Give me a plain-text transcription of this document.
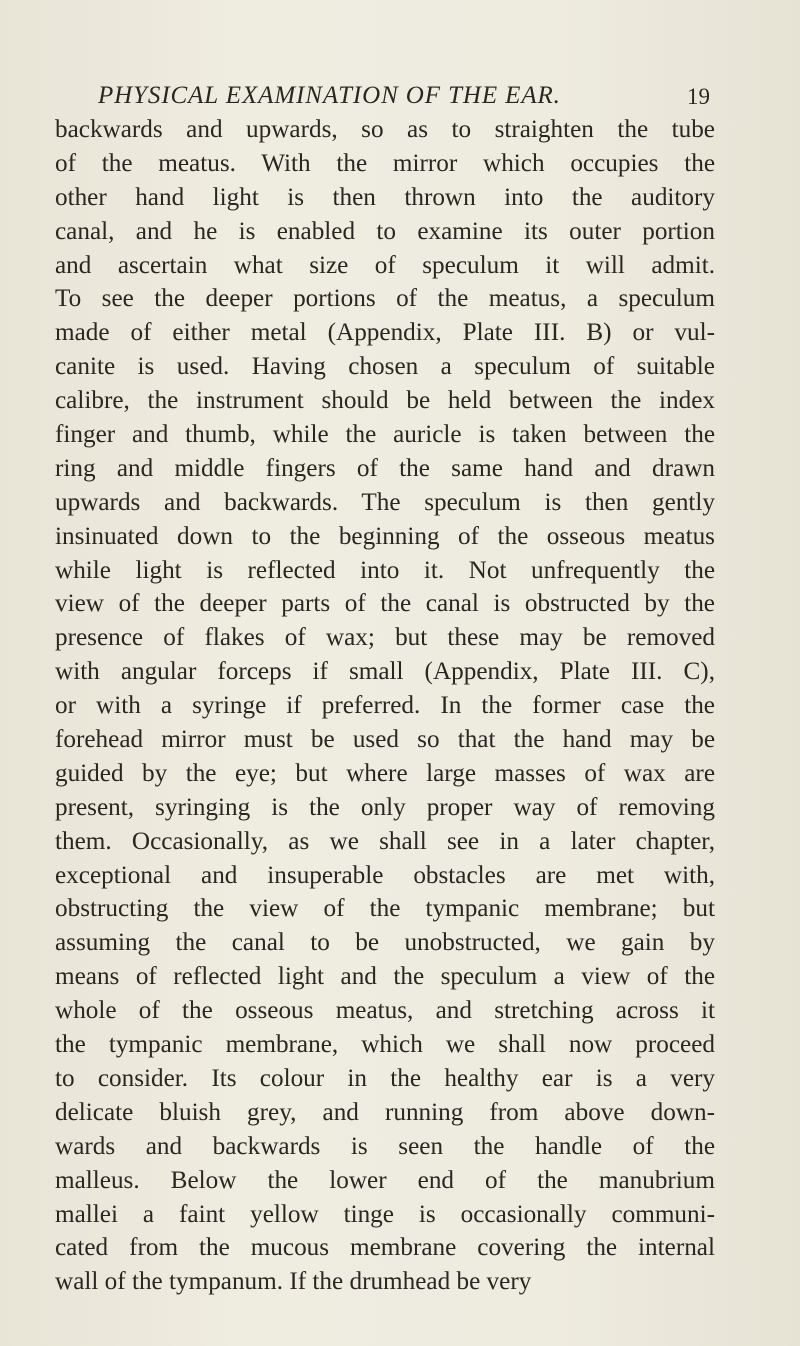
PHYSICAL EXAMINATION OF THE EAR.	19
backwards and upwards, so as to straighten the tube
of the meatus. With the mirror which occupies the
other hand light is then thrown into the auditory
canal, and he is enabled to examine its outer portion
and ascertain what size of speculum it will admit.
To see the deeper portions of the meatus, a speculum
made of either metal (Appendix, Plate III. B) or vul-
canite is used. Having chosen a speculum of suitable
calibre, the instrument should be held between the index
finger and thumb, while the auricle is taken between the
ring and middle fingers of the same hand and drawn
upwards and backwards. The speculum is then gently
insinuated down to the beginning of the osseous meatus
while light is reflected into it. Not unfrequently the
view of the deeper parts of the canal is obstructed by the
presence of flakes of wax; but these may be removed
with angular forceps if small (Appendix, Plate III. C),
or with a syringe if preferred. In the former case the
forehead mirror must be used so that the hand may be
guided by the eye; but where large masses of wax are
present, syringing is the only proper way of removing
them. Occasionally, as we shall see in a later chapter,
exceptional and insuperable obstacles are met with,
obstructing the view of the tympanic membrane; but
assuming the canal to be unobstructed, we gain by
means of reflected light and the speculum a view of the
whole of the osseous meatus, and stretching across it
the tympanic membrane, which we shall now proceed
to consider. Its colour in the healthy ear is a very
delicate bluish grey, and running from above down-
wards and backwards is seen the handle of the
malleus. Below the lower end of the manubrium
mallei a faint yellow tinge is occasionally communi-
cated from the mucous membrane covering the internal
wall of the tympanum. If the drumhead be very
